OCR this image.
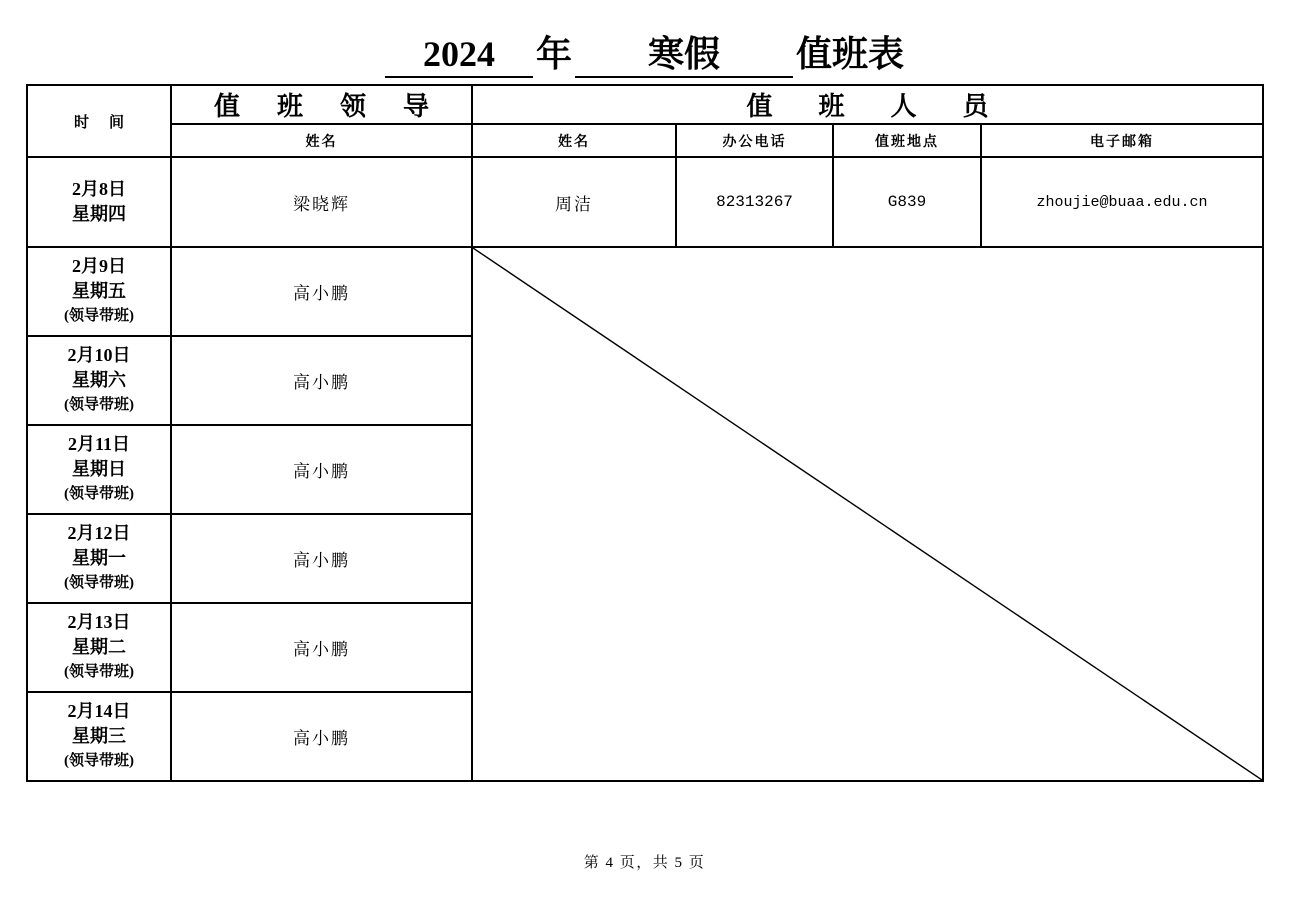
2024	年	寒假	值班表
时间	值班领导	值班人员			
	姓名	姓名	办公电话	值班地点	电子邮箱

2月8日
星期四	梁晓辉	周洁	82313267	G839	zhoujie@buaa.edu.cn

2月9日
星期五
(领导带班)	高小鹏	

2月10日
星期六
(领导带班)	高小鹏				

2月11日
星期日
(领导带班)	高小鹏				

2月12日
星期一
(领导带班)	高小鹏				

2月13日
星期二
(领导带班)	高小鹏				

2月14日
星期三
(领导带班)	高小鹏				
第 4 页，共 5 页
